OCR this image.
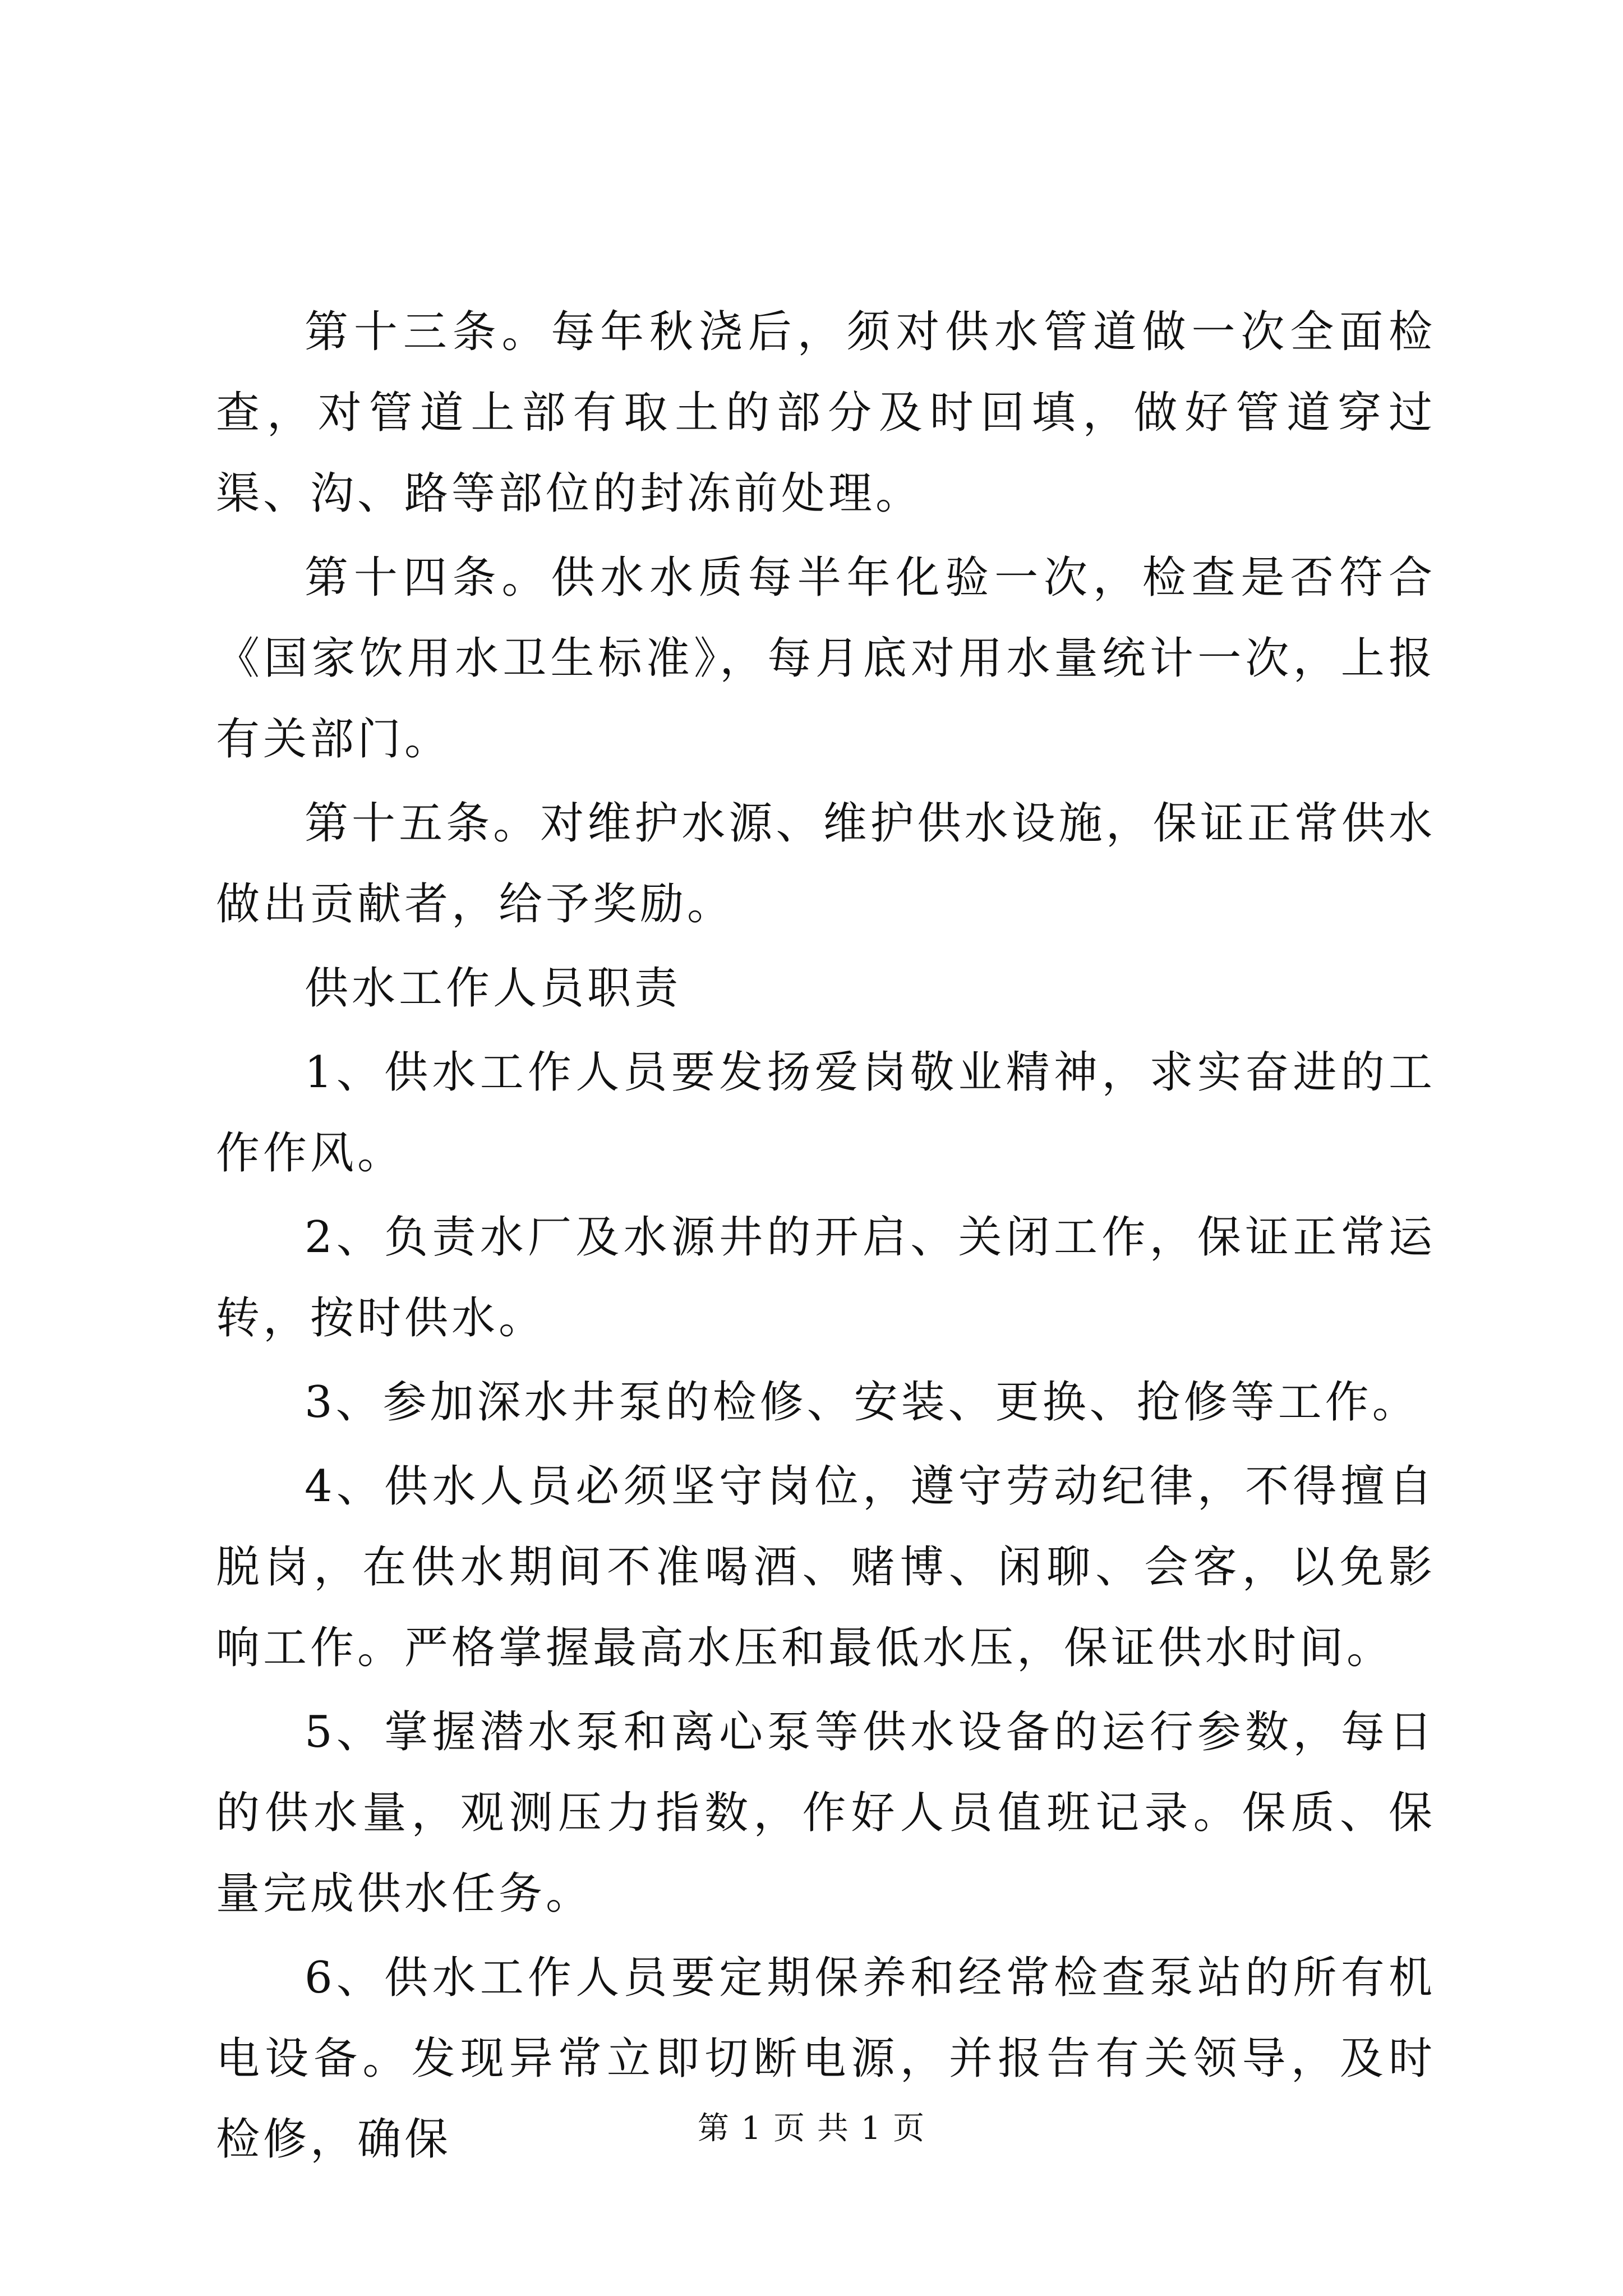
第十三条。每年秋浇后，须对供水管道做一次全面检查，对管道上部有取土的部分及时回填，做好管道穿过渠、沟、路等部位的封冻前处理。

第十四条。供水水质每半年化验一次，检查是否符合《国家饮用水卫生标准》，每月底对用水量统计一次，上报有关部门。

第十五条。对维护水源、维护供水设施，保证正常供水做出贡献者，给予奖励。

供水工作人员职责

1、供水工作人员要发扬爱岗敬业精神，求实奋进的工作作风。

2、负责水厂及水源井的开启、关闭工作，保证正常运转，按时供水。

3、参加深水井泵的检修、安装、更换、抢修等工作。

4、供水人员必须坚守岗位，遵守劳动纪律，不得擅自脱岗，在供水期间不准喝酒、赌博、闲聊、会客，以免影响工作。严格掌握最高水压和最低水压，保证供水时间。

5、掌握潜水泵和离心泵等供水设备的运行参数，每日的供水量，观测压力指数，作好人员值班记录。保质、保量完成供水任务。

6、供水工作人员要定期保养和经常检查泵站的所有机电设备。发现异常立即切断电源，并报告有关领导，及时检修，确保	第 1 页 共 1 页
